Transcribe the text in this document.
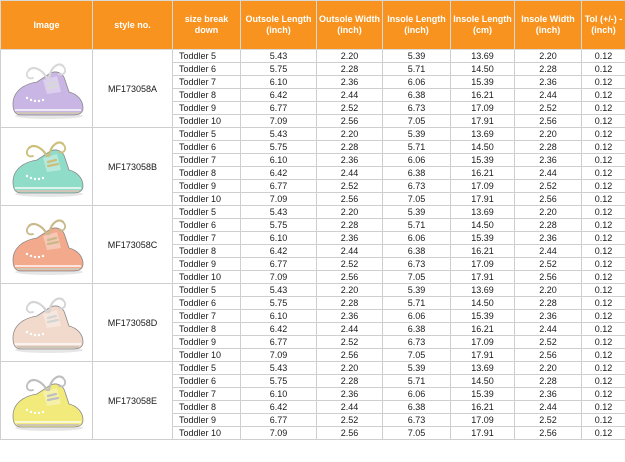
Image	style no.	size break down	Outsole Length (inch)	Outsole Width (inch)	Insole Length (inch)	Insole Length (cm)	Insole Width (inch)	Tol (+/-) - (inch)

	MF173058A	Toddler 5	5.43	2.20	5.39	13.69	2.20	0.12
		Toddler 6	5.75	2.28	5.71	14.50	2.28	0.12
		Toddler 7	6.10	2.36	6.06	15.39	2.36	0.12
		Toddler 8	6.42	2.44	6.38	16.21	2.44	0.12
		Toddler 9	6.77	2.52	6.73	17.09	2.52	0.12
		Toddler 10	7.09	2.56	7.05	17.91	2.56	0.12

	MF173058B	Toddler 5	5.43	2.20	5.39	13.69	2.20	0.12
		Toddler 6	5.75	2.28	5.71	14.50	2.28	0.12
		Toddler 7	6.10	2.36	6.06	15.39	2.36	0.12
		Toddler 8	6.42	2.44	6.38	16.21	2.44	0.12
		Toddler 9	6.77	2.52	6.73	17.09	2.52	0.12
		Toddler 10	7.09	2.56	7.05	17.91	2.56	0.12

	MF173058C	Toddler 5	5.43	2.20	5.39	13.69	2.20	0.12
		Toddler 6	5.75	2.28	5.71	14.50	2.28	0.12
		Toddler 7	6.10	2.36	6.06	15.39	2.36	0.12
		Toddler 8	6.42	2.44	6.38	16.21	2.44	0.12
		Toddler 9	6.77	2.52	6.73	17.09	2.52	0.12
		Toddler 10	7.09	2.56	7.05	17.91	2.56	0.12

	MF173058D	Toddler 5	5.43	2.20	5.39	13.69	2.20	0.12
		Toddler 6	5.75	2.28	5.71	14.50	2.28	0.12
		Toddler 7	6.10	2.36	6.06	15.39	2.36	0.12
		Toddler 8	6.42	2.44	6.38	16.21	2.44	0.12
		Toddler 9	6.77	2.52	6.73	17.09	2.52	0.12
		Toddler 10	7.09	2.56	7.05	17.91	2.56	0.12

	MF173058E	Toddler 5	5.43	2.20	5.39	13.69	2.20	0.12
		Toddler 6	5.75	2.28	5.71	14.50	2.28	0.12
		Toddler 7	6.10	2.36	6.06	15.39	2.36	0.12
		Toddler 8	6.42	2.44	6.38	16.21	2.44	0.12
		Toddler 9	6.77	2.52	6.73	17.09	2.52	0.12
		Toddler 10	7.09	2.56	7.05	17.91	2.56	0.12
